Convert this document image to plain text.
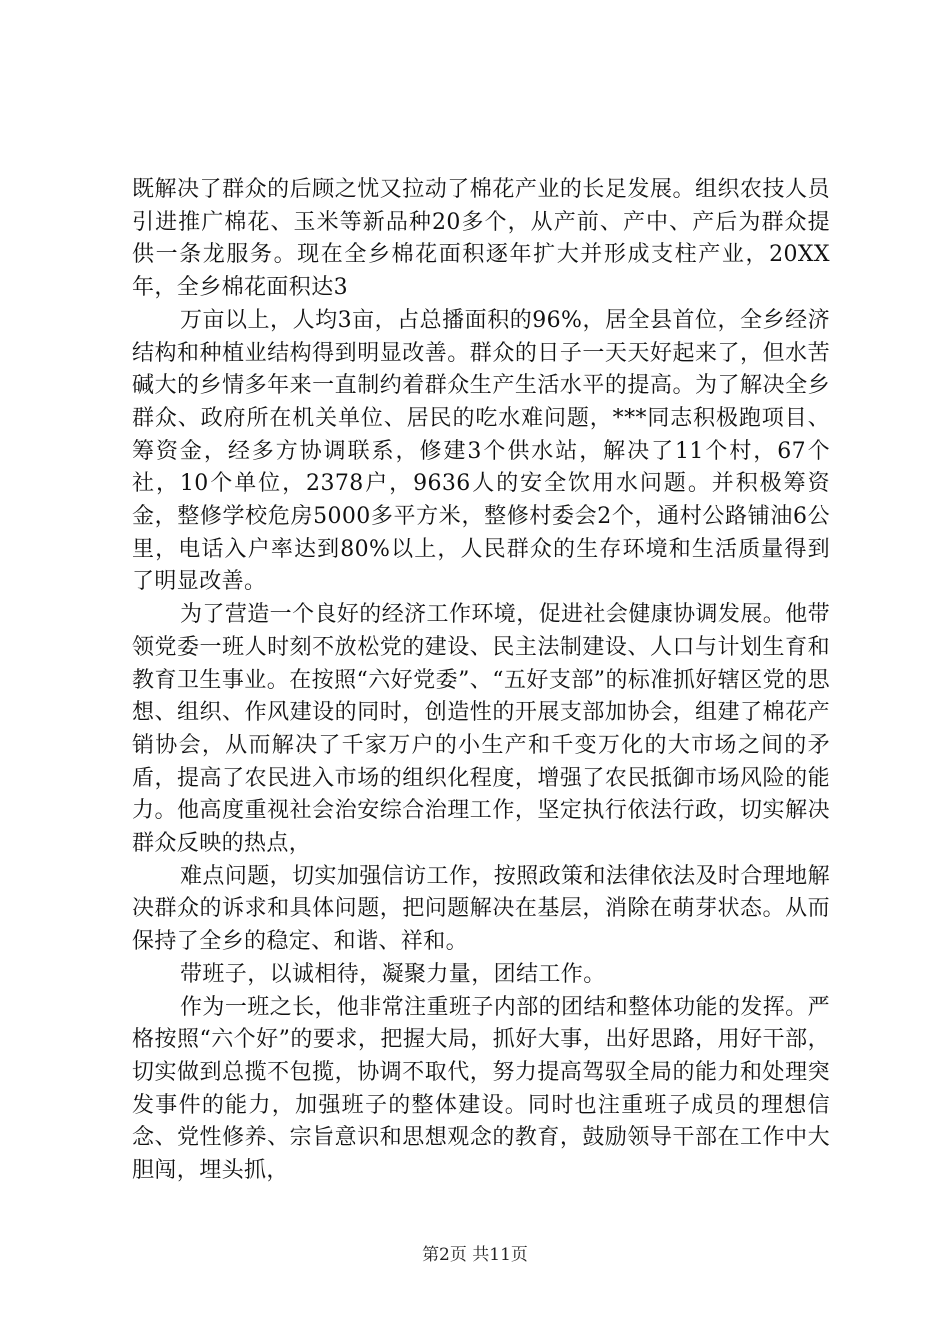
既解决了群众的后顾之忧又拉动了棉花产业的长足发展。组织农技人员引进推广棉花、玉米等新品种20多个，从产前、产中、产后为群众提供一条龙服务。现在全乡棉花面积逐年扩大并形成支柱产业，20XX年，全乡棉花面积达3

万亩以上，人均3亩，占总播面积的96%，居全县首位，全乡经济结构和种植业结构得到明显改善。群众的日子一天天好起来了，但水苦碱大的乡情多年来一直制约着群众生产生活水平的提高。为了解决全乡群众、政府所在机关单位、居民的吃水难问题，***同志积极跑项目、筹资金，经多方协调联系，修建3个供水站，解决了11个村，67个社，10个单位，2378户，9636人的安全饮用水问题。并积极筹资金，整修学校危房5000多平方米，整修村委会2个，通村公路铺油6公里，电话入户率达到80%以上，人民群众的生存环境和生活质量得到了明显改善。

为了营造一个良好的经济工作环境，促进社会健康协调发展。他带领党委一班人时刻不放松党的建设、民主法制建设、人口与计划生育和教育卫生事业。在按照“六好党委”、“五好支部”的标准抓好辖区党的思想、组织、作风建设的同时，创造性的开展支部加协会，组建了棉花产销协会，从而解决了千家万户的小生产和千变万化的大市场之间的矛盾，提高了农民进入市场的组织化程度，增强了农民抵御市场风险的能力。他高度重视社会治安综合治理工作，坚定执行依法行政，切实解决群众反映的热点，

难点问题，切实加强信访工作，按照政策和法律依法及时合理地解决群众的诉求和具体问题，把问题解决在基层，消除在萌芽状态。从而保持了全乡的稳定、和谐、祥和。

带班子，以诚相待，凝聚力量，团结工作。

作为一班之长，他非常注重班子内部的团结和整体功能的发挥。严格按照“六个好”的要求，把握大局，抓好大事，出好思路，用好干部，切实做到总揽不包揽，协调不取代，努力提高驾驭全局的能力和处理突发事件的能力，加强班子的整体建设。同时也注重班子成员的理想信念、党性修养、宗旨意识和思想观念的教育，鼓励领导干部在工作中大胆闯，埋头抓，

第2页 共11页
